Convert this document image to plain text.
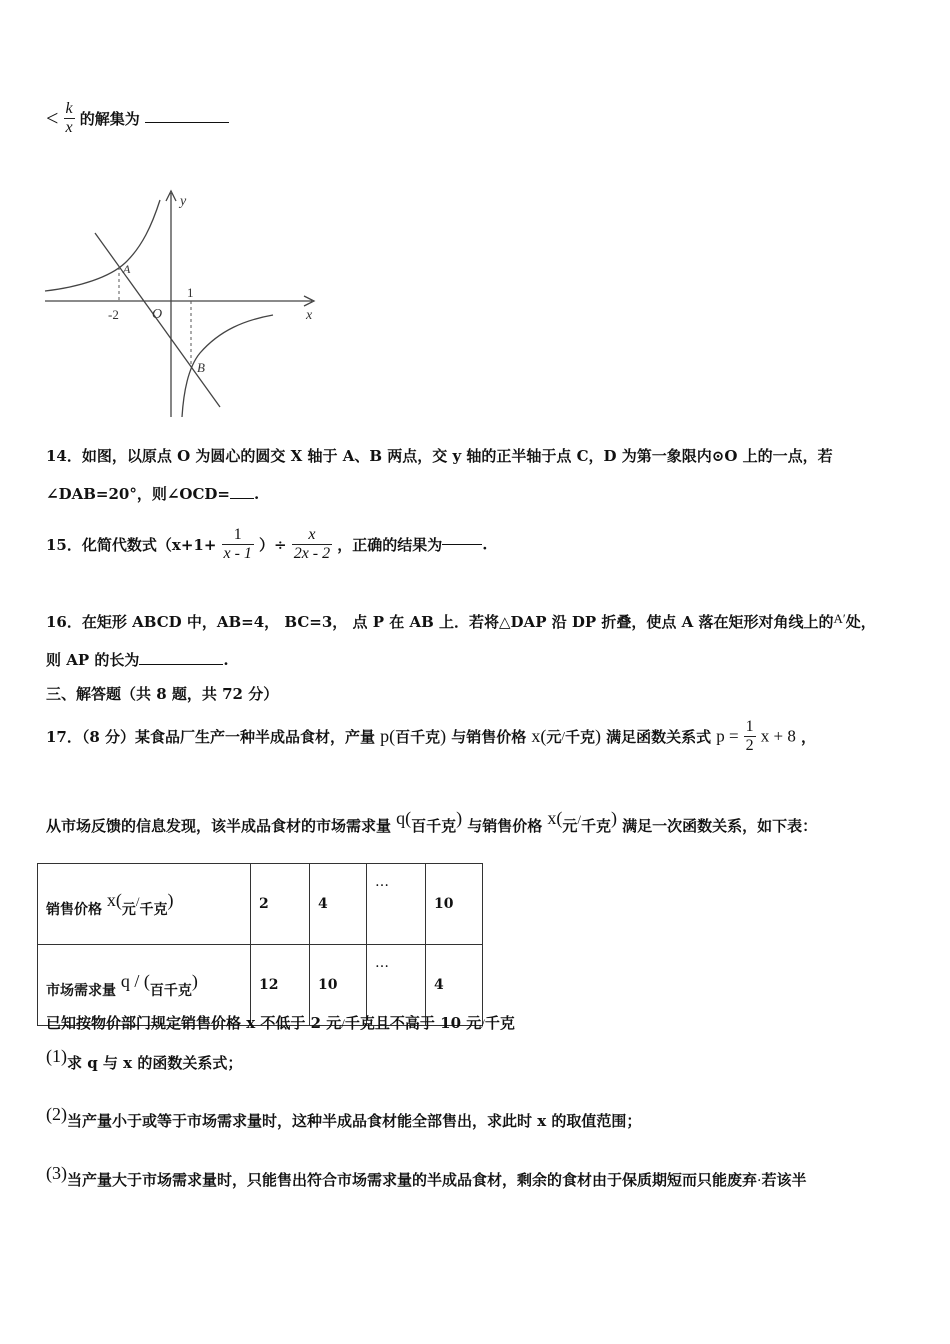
< $\frac{k}{x}$ 的解集为
y
x
O
-2
1
A
B
14．如图，以原点 O 为圆心的圆交 X 轴于 A、B 两点，交 y 轴的正半轴于点 C，D 为第一象限内⊙O 上的一点，若
∠DAB=20°，则∠OCD= .
15．化简代数式（$x+1+ \frac{1}{x - 1}$ ）÷ $\frac{x}{2x - 2}$ ，正确的结果为	.
16．在矩形 ABCD 中，AB=4， BC=3， 点 P 在 AB 上．若将△DAP 沿 DP 折叠，使点 A 落在矩形对角线上的A′处，
则 AP 的长为	.
三、解答题（共 8 题，共 72 分）
17．（8 分）某食品厂生产一种半成品食材，产量 p(百千克) 与销售价格 x(元/千克) 满足函数关系式 $p = \frac{1}{2}$ x + 8 ，
从市场反馈的信息发现，该半成品食材的市场需求量 q(百千克) 与销售价格 x(元/千克) 满足一次函数关系，如下表：
销售价格 x(元/千克)	2	4	…	10
市场需求量 q / (百千克)	12	10	…	4
已知按物价部门规定销售价格 x 不低于 2 元/千克且不高于 10 元/千克
(1)求 q 与 x 的函数关系式；
(2)当产量小于或等于市场需求量时，这种半成品食材能全部售出，求此时 x 的取值范围；
(3)当产量大于市场需求量时，只能售出符合市场需求量的半成品食材，剩余的食材由于保质期短而只能废弃·若该半
